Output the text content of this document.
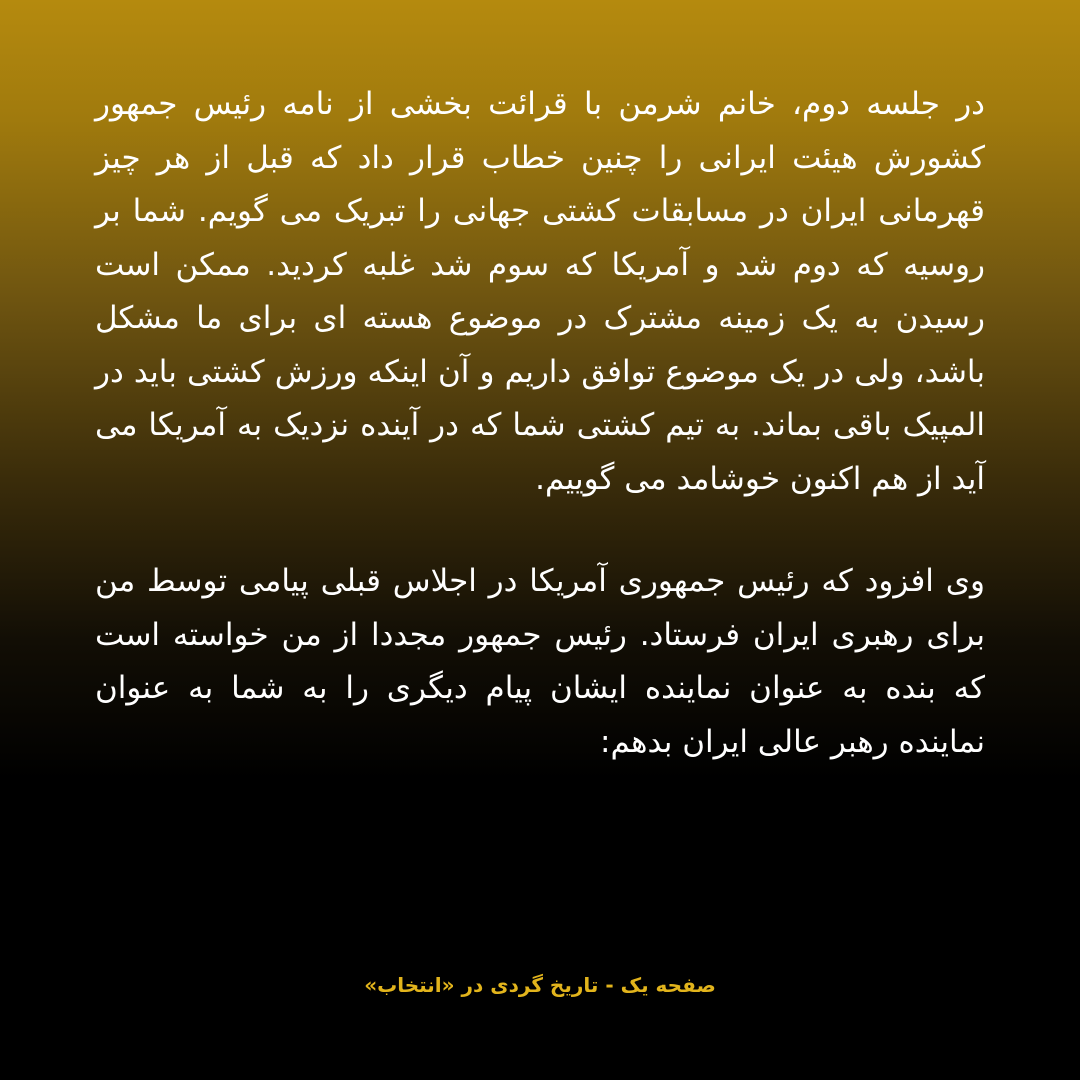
در جلسه دوم، خانم شرمن با قرائت بخشی از نامه رئیس جمهور کشورش هیئت ایرانی را چنین خطاب قرار داد که قبل از هر چیز قهرمانی ایران در مسابقات کشتی جهانی را تبریک می گویم. شما بر روسیه که دوم شد و آمریکا که سوم شد غلبه کردید. ممکن است رسیدن به یک زمینه مشترک در موضوع هسته ای برای ما مشکل باشد، ولی در یک موضوع توافق داریم و آن اینکه ورزش کشتی باید در المپیک باقی بماند. به تیم کشتی شما که در آینده نزدیک به آمریکا می آید از هم اکنون خوشامد می گوییم.

وی افزود که رئیس جمهوری آمریکا در اجلاس قبلی پیامی توسط من برای رهبری ایران فرستاد. رئیس جمهور مجددا از من خواسته است که بنده به عنوان نماینده ایشان پیام دیگری را به شما به عنوان نماینده رهبر عالی ایران بدهم:

صفحه یک - تاریخ گردی در «انتخاب»
